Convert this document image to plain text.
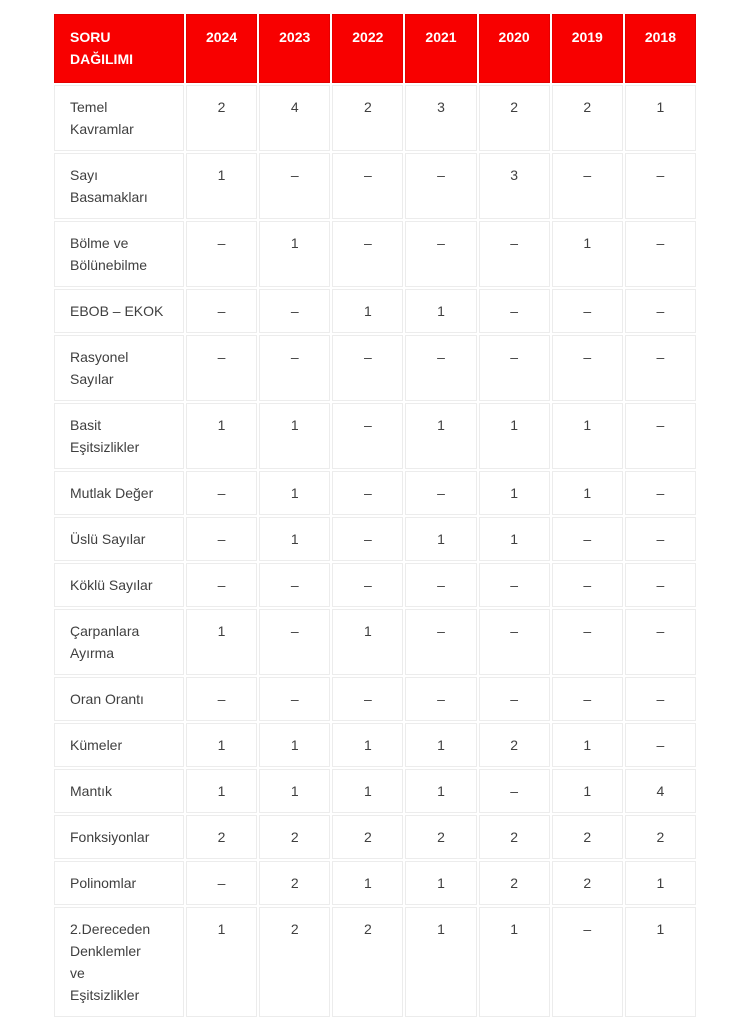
SORU DAĞILIMI	2024	2023	2022	2021	2020	2019	2018
Temel Kavramlar	2	4	2	3	2	2	1
Sayı Basamakları	1	–	–	–	3	–	–
Bölme ve Bölünebilme	–	1	–	–	–	1	–
EBOB – EKOK	–	–	1	1	–	–	–
Rasyonel Sayılar	–	–	–	–	–	–	–
Basit Eşitsizlikler	1	1	–	1	1	1	–
Mutlak Değer	–	1	–	–	1	1	–
Üslü Sayılar	–	1	–	1	1	–	–
Köklü Sayılar	–	–	–	–	–	–	–
Çarpanlara Ayırma	1	–	1	–	–	–	–
Oran Orantı	–	–	–	–	–	–	–
Kümeler	1	1	1	1	2	1	–
Mantık	1	1	1	1	–	1	4
Fonksiyonlar	2	2	2	2	2	2	2
Polinomlar	–	2	1	1	2	2	1
2.Dereceden Denklemler ve Eşitsizlikler	1	2	2	1	1	–	1
